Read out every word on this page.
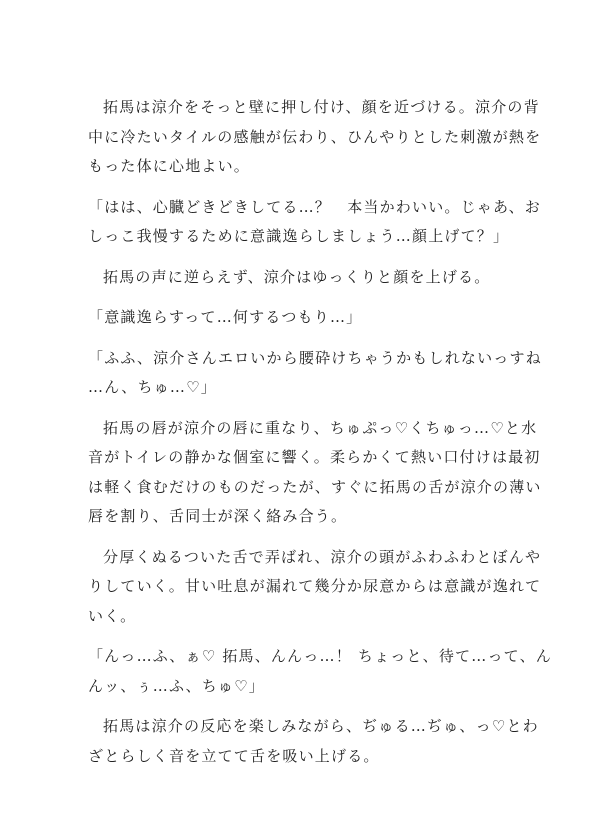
拓馬は涼介をそっと壁に押し付け、顔を近づける。涼介の背
中に冷たいタイルの感触が伝わり、ひんやりとした刺激が熱を
もった体に心地よい。
「はは、心臓どきどきしてる…？　本当かわいい。じゃあ、お
しっこ我慢するために意識逸らしましょう…顔上げて？」
拓馬の声に逆らえず、涼介はゆっくりと顔を上げる。
「意識逸らすって…何するつもり…」
「ふふ、涼介さんエロいから腰砕けちゃうかもしれないっすね
…ん、ちゅ…♡」
拓馬の唇が涼介の唇に重なり、ちゅぷっ♡くちゅっ…♡と水
音がトイレの静かな個室に響く。柔らかくて熱い口付けは最初
は軽く食むだけのものだったが、すぐに拓馬の舌が涼介の薄い
唇を割り、舌同士が深く絡み合う。
分厚くぬるついた舌で弄ばれ、涼介の頭がふわふわとぼんや
りしていく。甘い吐息が漏れて幾分か尿意からは意識が逸れて
いく。
「んっ…ふ、ぁ♡ 拓馬、んんっ…！ ちょっと、待て…って、ん
んッ、ぅ…ふ、ちゅ♡」
拓馬は涼介の反応を楽しみながら、ぢゅる…ぢゅ、っ♡とわ
ざとらしく音を立てて舌を吸い上げる。
